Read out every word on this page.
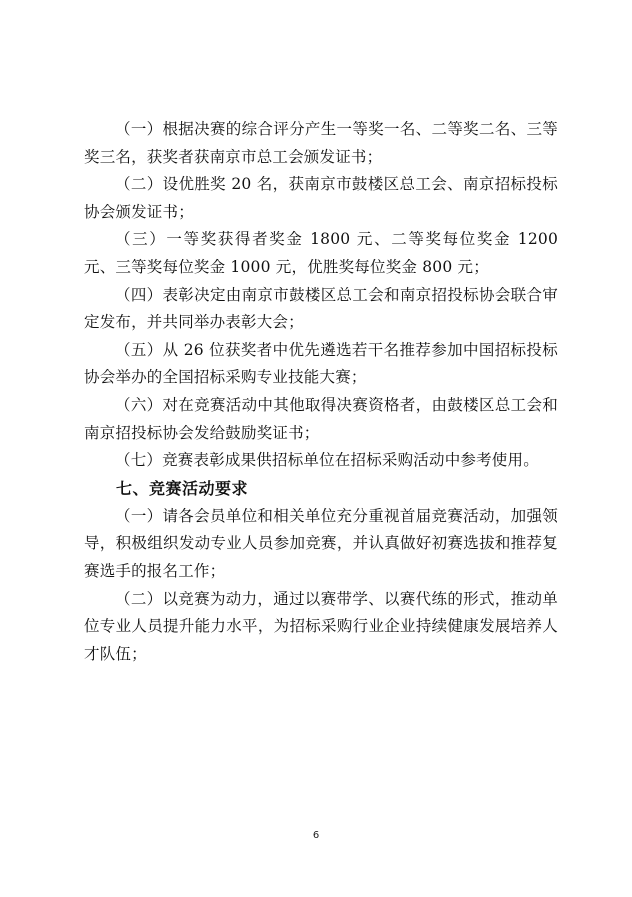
（一）根据决赛的综合评分产生一等奖一名、二等奖二名、三等奖三名，获奖者获南京市总工会颁发证书；

（二）设优胜奖 20 名，获南京市鼓楼区总工会、南京招标投标协会颁发证书；

（三）一等奖获得者奖金 1800 元、二等奖每位奖金 1200 元、三等奖每位奖金 1000 元，优胜奖每位奖金 800 元；

（四）表彰决定由南京市鼓楼区总工会和南京招投标协会联合审定发布，并共同举办表彰大会；

（五）从 26 位获奖者中优先遴选若干名推荐参加中国招标投标协会举办的全国招标采购专业技能大赛；

（六）对在竞赛活动中其他取得决赛资格者，由鼓楼区总工会和南京招投标协会发给鼓励奖证书；

（七）竞赛表彰成果供招标单位在招标采购活动中参考使用。

七、竞赛活动要求

（一）请各会员单位和相关单位充分重视首届竞赛活动，加强领导，积极组织发动专业人员参加竞赛，并认真做好初赛选拔和推荐复赛选手的报名工作；

（二）以竞赛为动力，通过以赛带学、以赛代练的形式，推动单位专业人员提升能力水平，为招标采购行业企业持续健康发展培养人才队伍；

6
